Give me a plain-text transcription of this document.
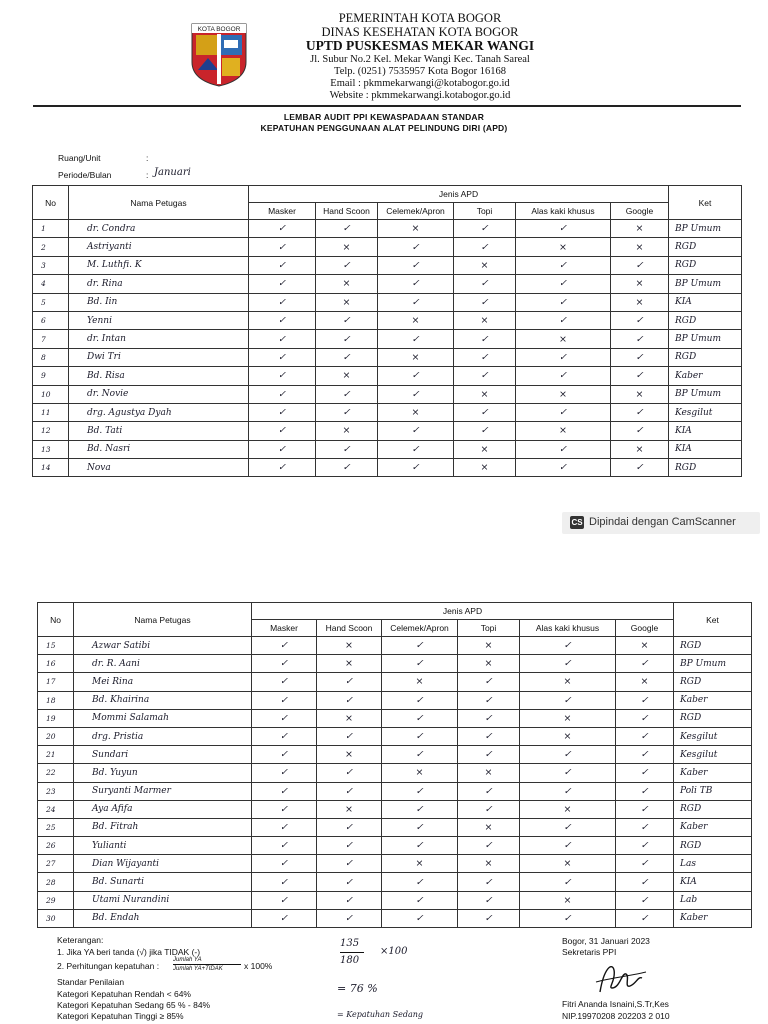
KOTA BOGOR
PEMERINTAH KOTA BOGOR
DINAS KESEHATAN KOTA BOGOR
UPTD PUSKESMAS MEKAR WANGI
Jl. Subur No.2 Kel. Mekar Wangi Kec. Tanah Sareal
Telp. (0251) 7535957 Kota Bogor 16168
Email : pkmmekarwangi@kotabogor.go.id
Website : pkmmekarwangi.kotabogor.go.id
LEMBAR AUDIT PPI KEWASPADAAN STANDAR
KEPATUHAN PENGGUNAAN ALAT PELINDUNG DIRI (APD)
Ruang/Unit	:
Periode/Bulan	: Januari
No	Nama Petugas	Jenis APD						Ket
		Masker	Hand Scoon	Celemek/Apron	Topi	Alas kaki khusus	Google	
1	dr. Condra	✓	✓	×	✓	✓	×	BP Umum
2	Astriyanti	✓	×	✓	✓	×	×	RGD
3	M. Luthfi. K	✓	✓	✓	×	✓	✓	RGD
4	dr. Rina	✓	×	✓	✓	✓	×	BP Umum
5	Bd. Iin	✓	×	✓	✓	✓	×	KIA
6	Yenni	✓	✓	×	×	✓	✓	RGD
7	dr. Intan	✓	✓	✓	✓	×	✓	BP Umum
8	Dwi Tri	✓	✓	×	✓	✓	✓	RGD
9	Bd. Risa	✓	×	✓	✓	✓	✓	Kaber
10	dr. Novie	✓	✓	✓	×	×	×	BP Umum
11	drg. Agustya Dyah	✓	✓	×	✓	✓	✓	Kesgilut
12	Bd. Tati	✓	×	✓	✓	×	✓	KIA
13	Bd. Nasri	✓	✓	✓	×	✓	×	KIA
14	Nova	✓	✓	✓	×	✓	✓	RGD
CS Dipindai dengan CamScanner
No	Nama Petugas	Jenis APD						Ket
		Masker	Hand Scoon	Celemek/Apron	Topi	Alas kaki khusus	Google	
15	Azwar Satibi	✓	×	✓	×	✓	×	RGD
16	dr. R. Aani	✓	×	✓	×	✓	✓	BP Umum
17	Mei Rina	✓	✓	×	✓	×	×	RGD
18	Bd. Khairina	✓	✓	✓	✓	✓	✓	Kaber
19	Mommi Salamah	✓	×	✓	✓	×	✓	RGD
20	drg. Pristia	✓	✓	✓	✓	×	✓	Kesgilut
21	Sundari	✓	×	✓	✓	✓	✓	Kesgilut
22	Bd. Yuyun	✓	✓	×	×	✓	✓	Kaber
23	Suryanti Marmer	✓	✓	✓	✓	✓	✓	Poli TB
24	Aya Afifa	✓	×	✓	✓	×	✓	RGD
25	Bd. Fitrah	✓	✓	✓	×	✓	✓	Kaber
26	Yulianti	✓	✓	✓	✓	✓	✓	RGD
27	Dian Wijayanti	✓	✓	×	×	×	✓	Las
28	Bd. Sunarti	✓	✓	✓	✓	✓	✓	KIA
29	Utami Nurandini	✓	✓	✓	✓	×	✓	Lab
30	Bd. Endah	✓	✓	✓	✓	✓	✓	Kaber
Keterangan:
1. Jika YA beri tanda (√) jika TIDAK (-)
2. Perhitungan kepatuhan :
Jumlah YA
Jumlah YA+TIDAK	x 100%
Standar Penilaian
Kategori Kepatuhan Rendah < 64%
Kategori Kepatuhan Sedang 65 % - 84%
Kategori Kepatuhan Tinggi ≥ 85%
135
180
×100
= 76 %
= Kepatuhan Sedang
Bogor, 31 Januari 2023
Sekretaris PPI
Fitri Ananda Isnaini,S.Tr,Kes
NIP.19970208 202203 2 010
